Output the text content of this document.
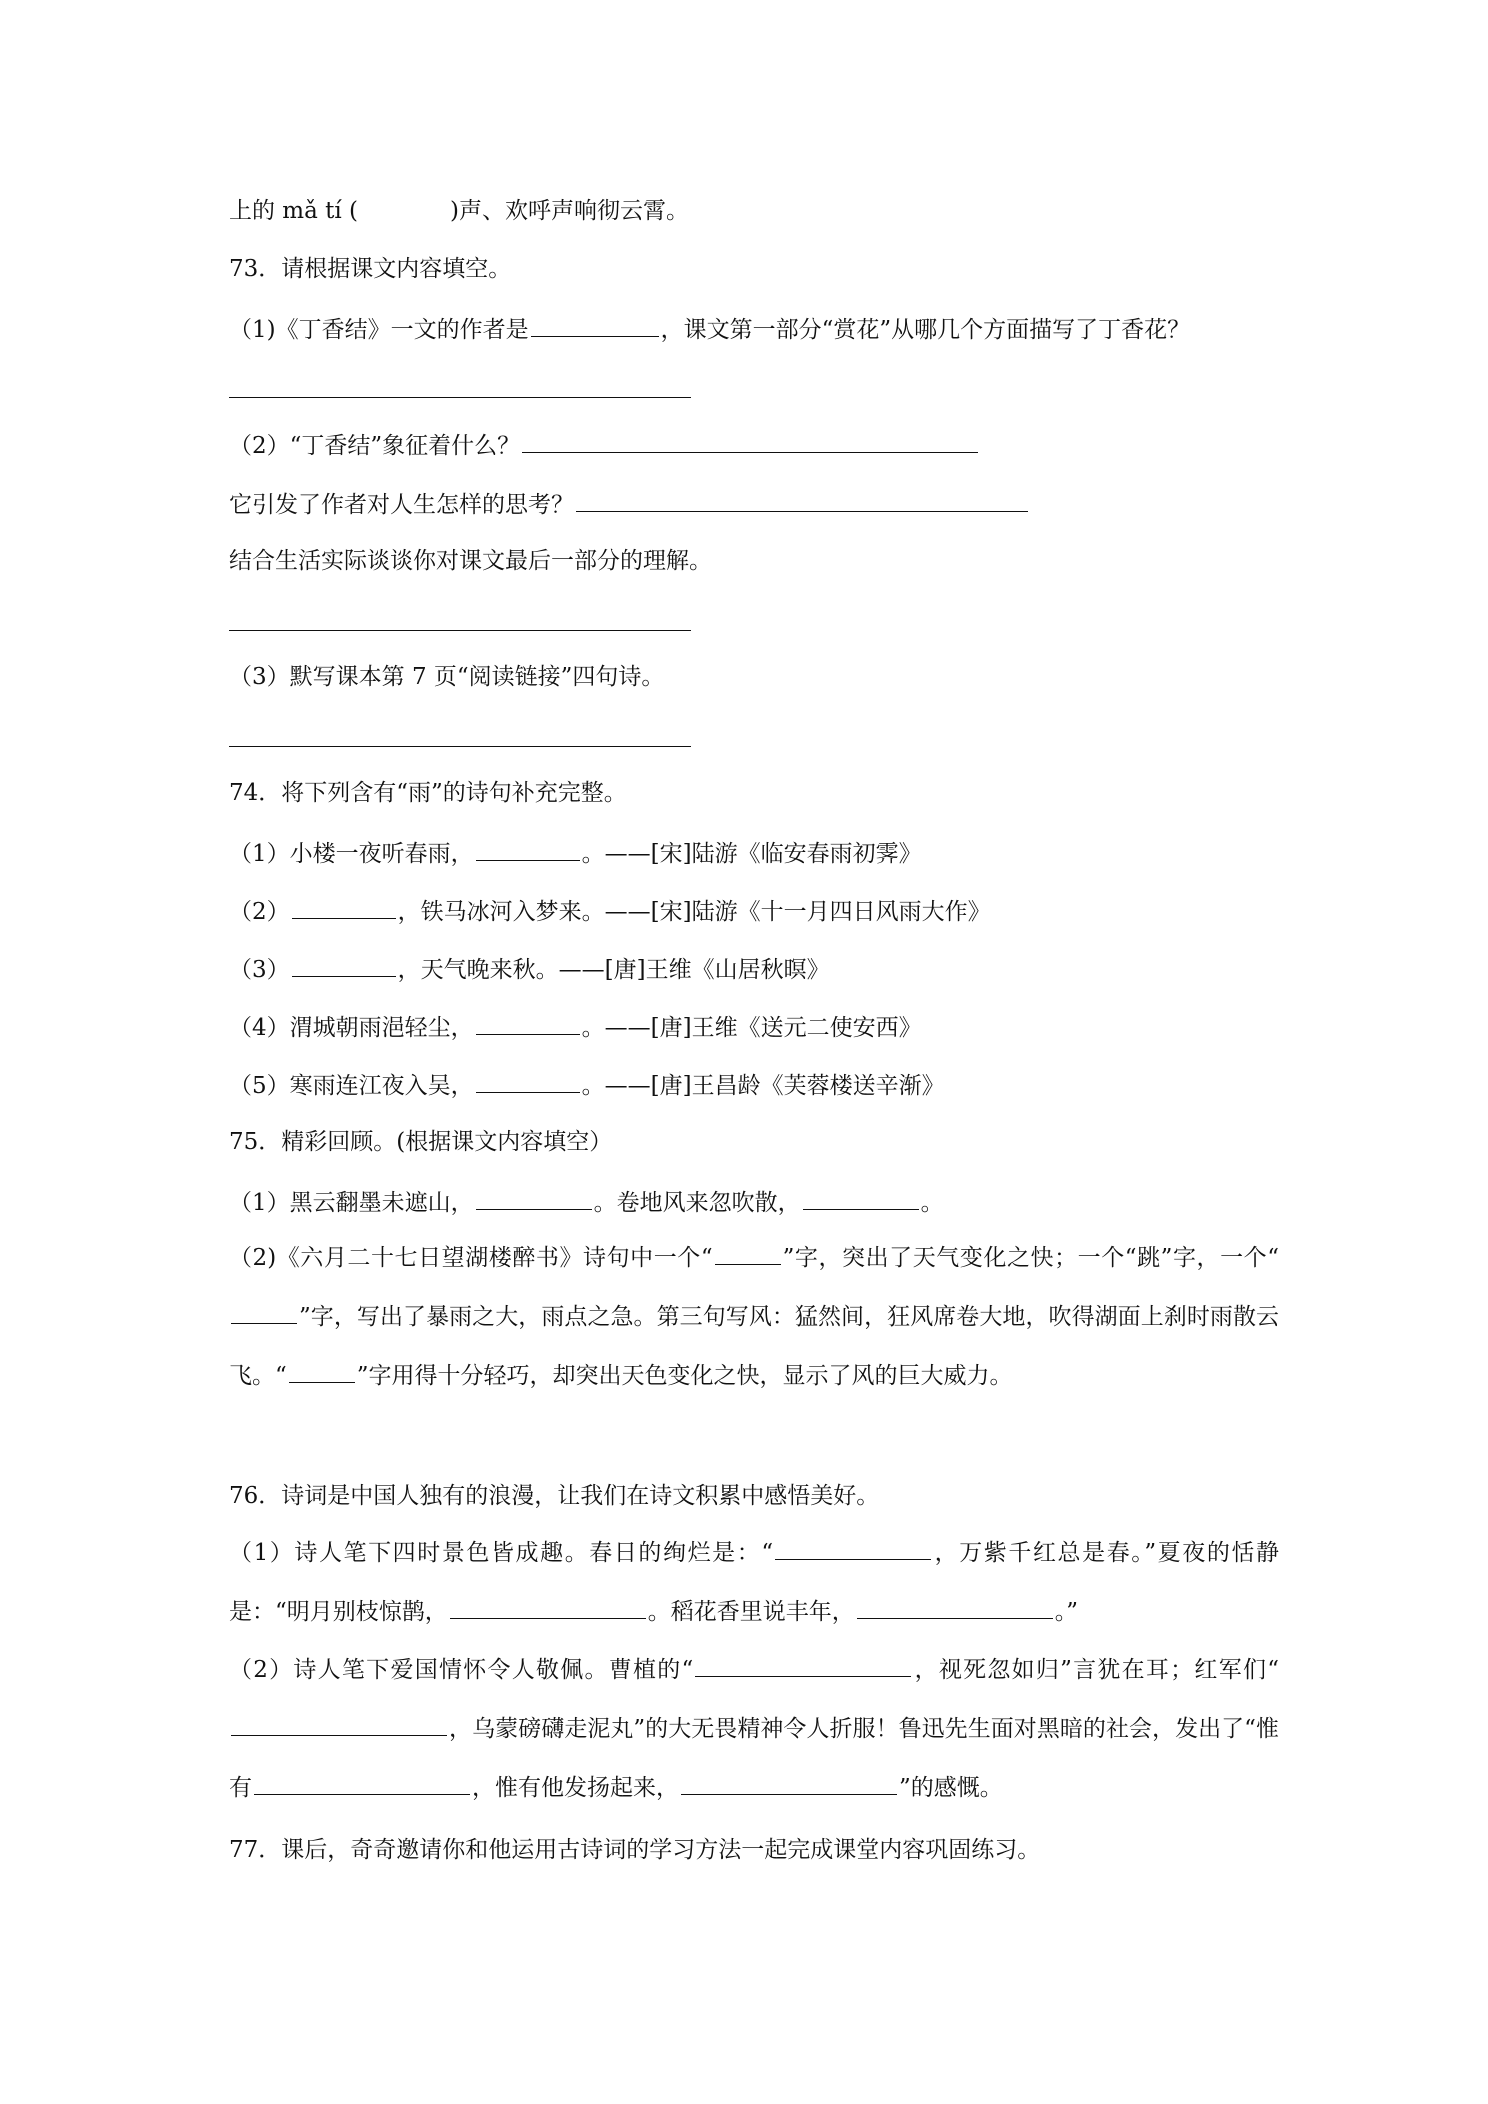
上的 mǎ tí (	)声、欢呼声响彻云霄。
73．请根据课文内容填空。
（1)《丁香结》一文的作者是	，课文第一部分“赏花”从哪几个方面描写了丁香花？
（2）“丁香结”象征着什么？
它引发了作者对人生怎样的思考？
结合生活实际谈谈你对课文最后一部分的理解。
（3）默写课本第 7 页“阅读链接”四句诗。
74．将下列含有“雨”的诗句补充完整。
（1）小楼一夜听春雨，	。——[宋]陆游《临安春雨初霁》
（2）	，铁马冰河入梦来。——[宋]陆游《十一月四日风雨大作》
（3）	，天气晚来秋。——[唐]王维《山居秋暝》
（4）渭城朝雨浥轻尘，	。——[唐]王维《送元二使安西》
（5）寒雨连江夜入吴，	。——[唐]王昌龄《芙蓉楼送辛渐》
75．精彩回顾。(根据课文内容填空）
（1）黑云翻墨未遮山，	。卷地风来忽吹散，	。
（2)《六月二十七日望湖楼醉书》诗句中一个“	”字，突出了天气变化之快；一个“跳”字，一个“”字，写出了暴雨之大，雨点之急。第三句写风：猛然间，狂风席卷大地，吹得湖面上刹时雨散云飞。“	”字用得十分轻巧，却突出天色变化之快，显示了风的巨大威力。
76．诗词是中国人独有的浪漫，让我们在诗文积累中感悟美好。
（1）诗人笔下四时景色皆成趣。春日的绚烂是：“	，万紫千红总是春。”夏夜的恬静是：“明月别枝惊鹊，	。稻花香里说丰年，	。”
（2）诗人笔下爱国情怀令人敬佩。曹植的“	，视死忽如归”言犹在耳；红军们“，乌蒙磅礴走泥丸”的大无畏精神令人折服！鲁迅先生面对黑暗的社会，发出了“惟有	，惟有他发扬起来，	”的感慨。
77．课后，奇奇邀请你和他运用古诗词的学习方法一起完成课堂内容巩固练习。
